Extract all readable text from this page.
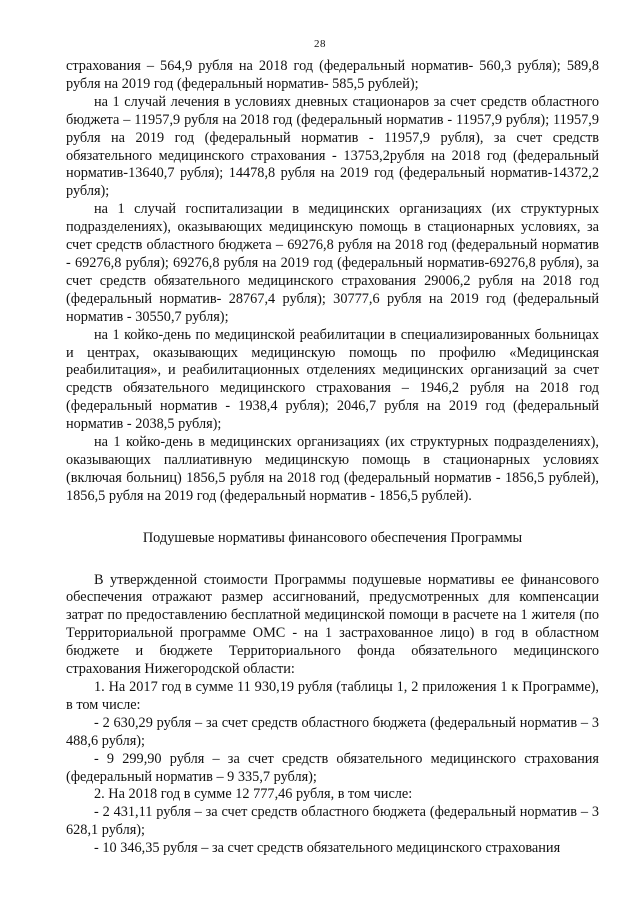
28

страхования – 564,9 рубля на 2018 год (федеральный норматив- 560,3 рубля); 589,8 рубля на 2019 год (федеральный норматив- 585,5 рублей);

на 1 случай лечения в условиях дневных стационаров за счет средств областного бюджета – 11957,9 рубля на 2018 год (федеральный норматив - 11957,9 рубля); 11957,9 рубля на 2019 год (федеральный норматив - 11957,9 рубля), за счет средств обязательного медицинского страхования - 13753,2рубля на 2018 год (федеральный норматив-13640,7 рубля); 14478,8 рубля на 2019 год (федеральный норматив-14372,2 рубля);

на 1 случай госпитализации в медицинских организациях (их структурных подразделениях), оказывающих медицинскую помощь в стационарных условиях, за счет средств областного бюджета – 69276,8 рубля на 2018 год (федеральный норматив - 69276,8 рубля); 69276,8 рубля на 2019 год (федеральный норматив-69276,8 рубля), за счет средств обязательного медицинского страхования 29006,2 рубля на 2018 год (федеральный норматив- 28767,4 рубля); 30777,6 рубля на 2019 год (федеральный норматив - 30550,7 рубля);

на 1 койко-день по медицинской реабилитации в специализированных больницах и центрах, оказывающих медицинскую помощь по профилю «Медицинская реабилитация», и реабилитационных отделениях медицинских организаций за счет средств обязательного медицинского страхования – 1946,2 рубля на 2018 год (федеральный норматив - 1938,4 рубля); 2046,7 рубля на 2019 год (федеральный норматив - 2038,5 рубля);

на 1 койко-день в медицинских организациях (их структурных подразделениях), оказывающих паллиативную медицинскую помощь в стационарных условиях (включая больниц) 1856,5 рубля на 2018 год (федеральный норматив - 1856,5 рублей), 1856,5 рубля на 2019 год (федеральный норматив - 1856,5 рублей).

Подушевые нормативы финансового обеспечения Программы

В утвержденной стоимости Программы подушевые нормативы ее финансового обеспечения отражают размер ассигнований, предусмотренных для компенсации затрат по предоставлению бесплатной медицинской помощи в расчете на 1 жителя (по Территориальной программе ОМС - на 1 застрахованное лицо) в год в областном бюджете и бюджете Территориального фонда обязательного медицинского страхования Нижегородской области:

1. На 2017 год в сумме 11 930,19 рубля (таблицы 1, 2 приложения 1 к Программе), в том числе:

- 2 630,29 рубля – за счет средств областного бюджета (федеральный норматив – 3 488,6 рубля);

- 9 299,90 рубля – за счет средств обязательного медицинского страхования (федеральный норматив – 9 335,7 рубля);

2. На 2018 год в сумме 12 777,46 рубля, в том числе:

- 2 431,11 рубля – за счет средств областного бюджета (федеральный норматив – 3 628,1 рубля);

- 10 346,35 рубля – за счет средств обязательного медицинского страхования
